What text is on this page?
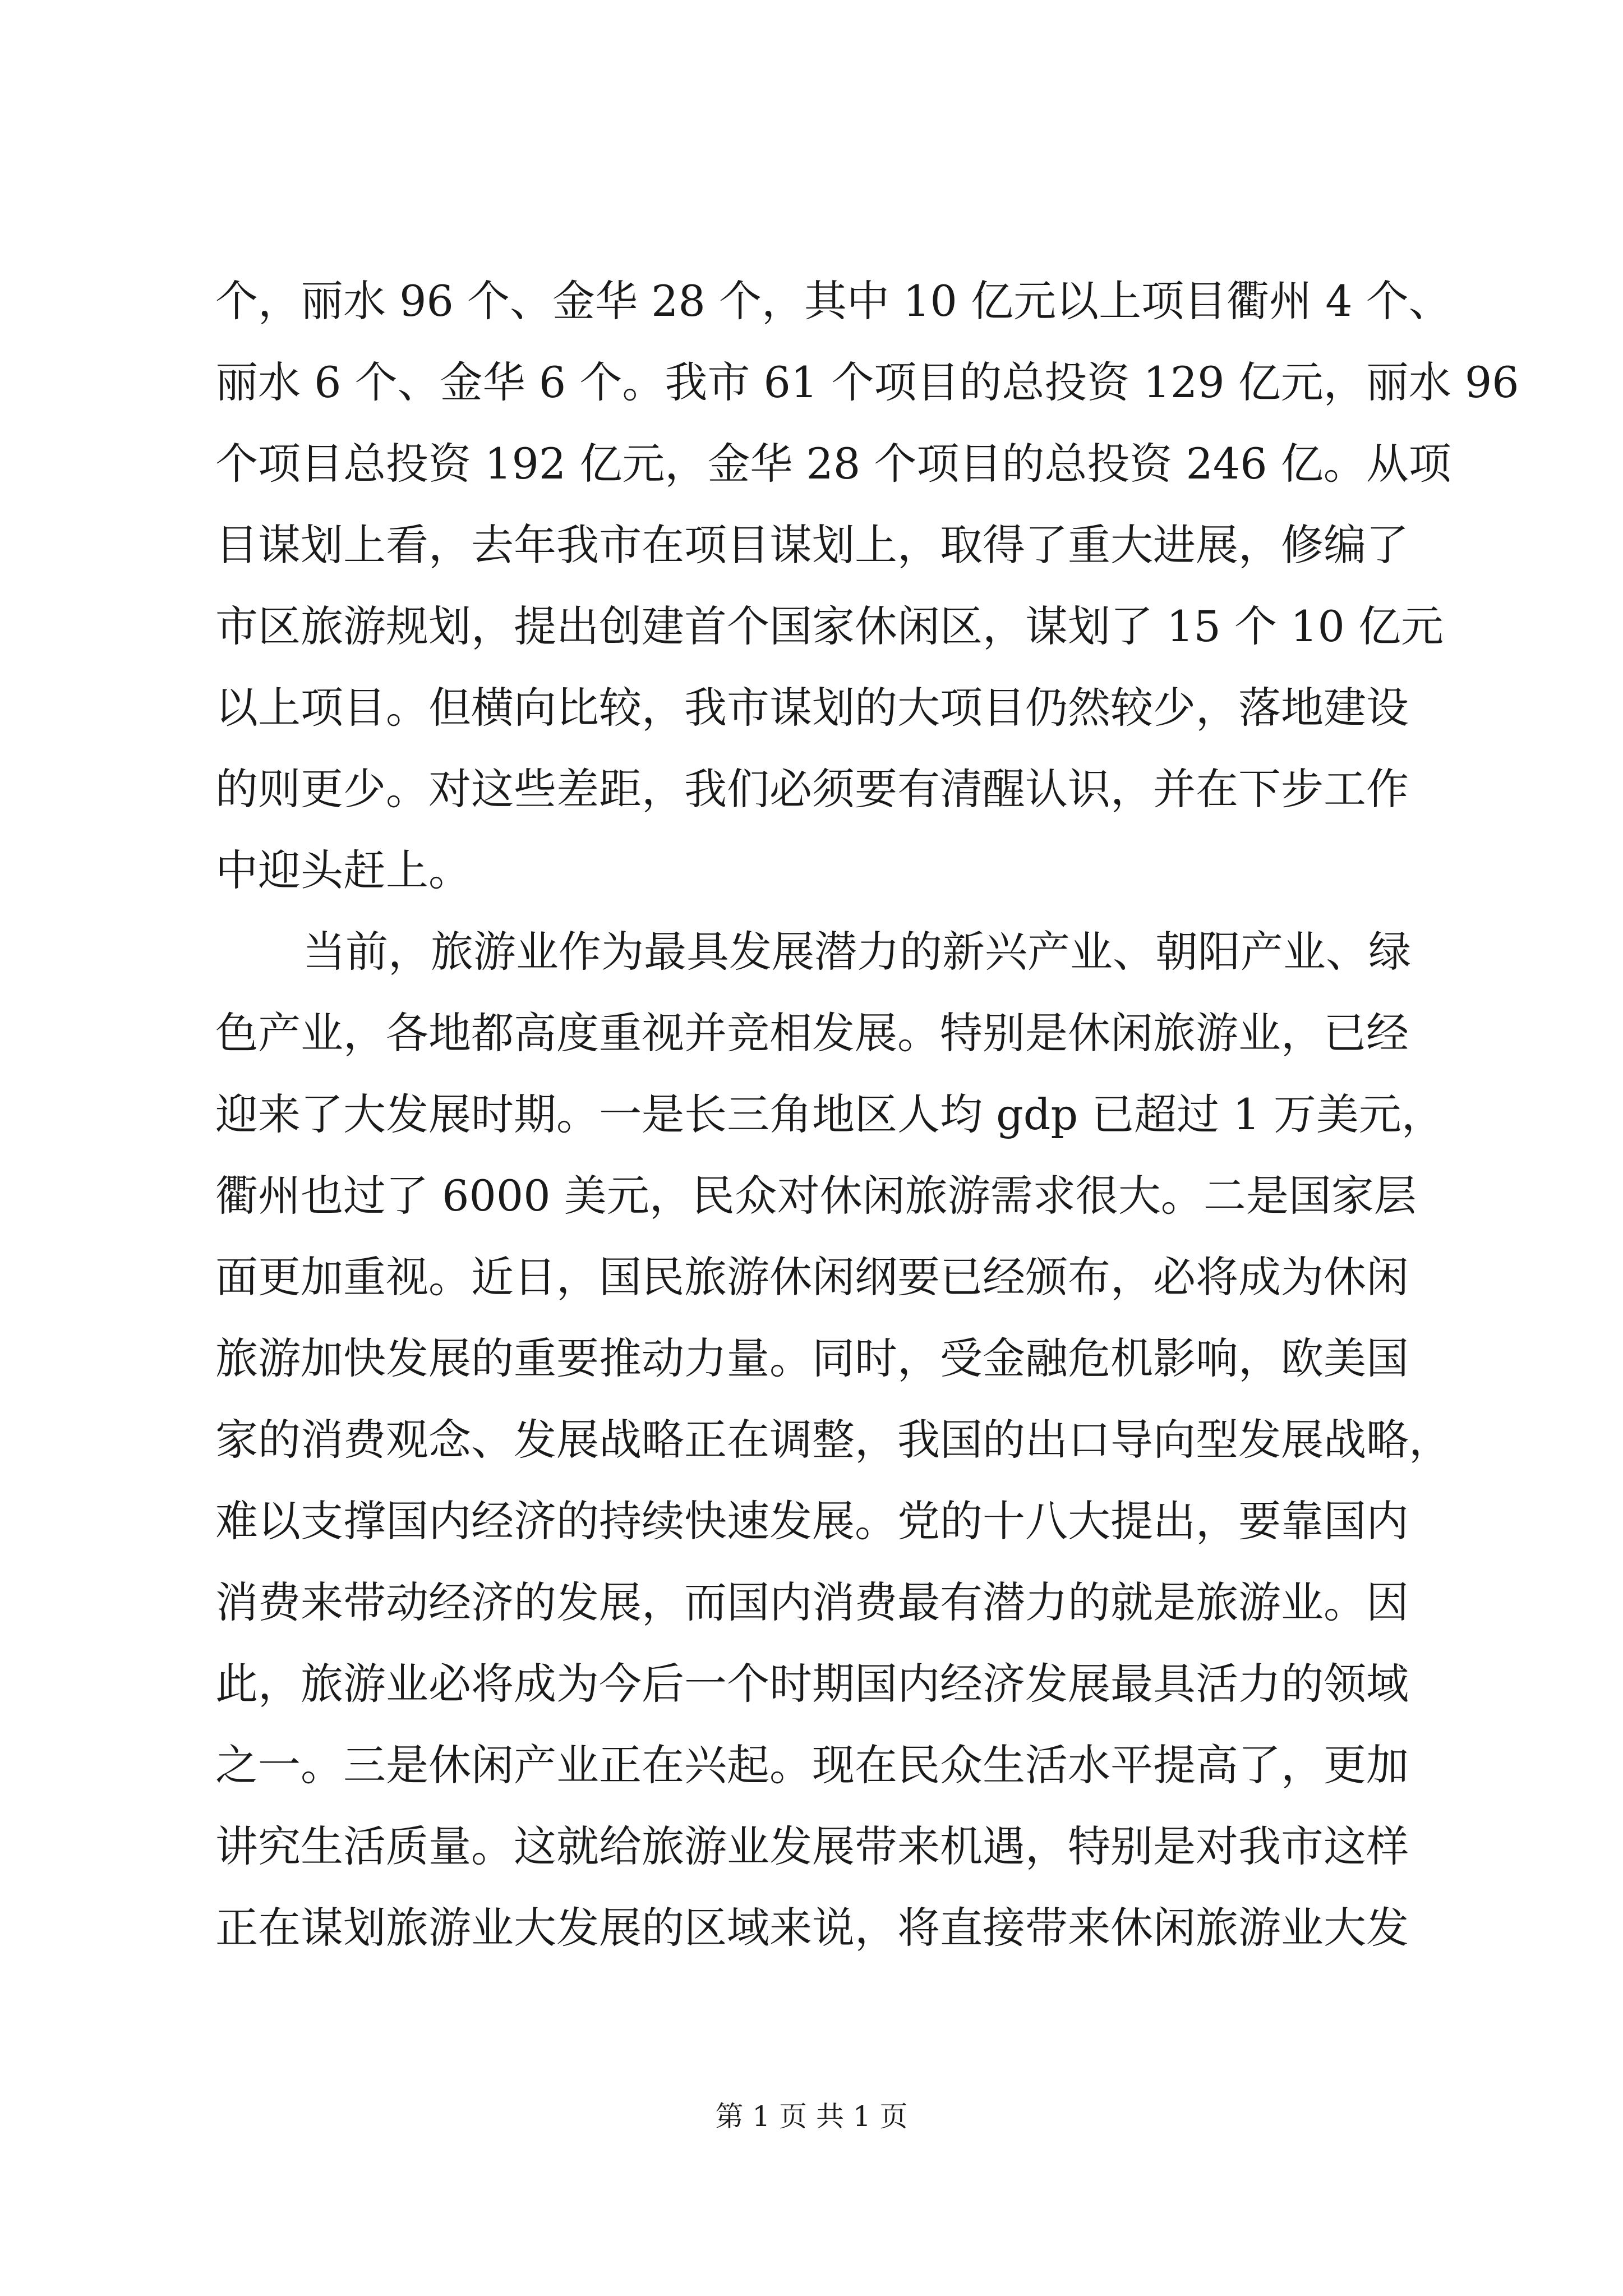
个，丽水 96 个、金华 28 个，其中 10 亿元以上项目衢州 4 个、
丽水 6 个、金华 6 个。我市 61 个项目的总投资 129 亿元，丽水 96
个项目总投资 192 亿元，金华 28 个项目的总投资 246 亿。从项
目谋划上看，去年我市在项目谋划上，取得了重大进展，修编了
市区旅游规划，提出创建首个国家休闲区，谋划了 15 个 10 亿元
以上项目。但横向比较，我市谋划的大项目仍然较少，落地建设
的则更少。对这些差距，我们必须要有清醒认识，并在下步工作
中迎头赶上。
当前，旅游业作为最具发展潜力的新兴产业、朝阳产业、绿
色产业，各地都高度重视并竞相发展。特别是休闲旅游业，已经
迎来了大发展时期。一是长三角地区人均 gdp 已超过 1 万美元，
衢州也过了 6000 美元，民众对休闲旅游需求很大。二是国家层
面更加重视。近日，国民旅游休闲纲要已经颁布，必将成为休闲
旅游加快发展的重要推动力量。同时，受金融危机影响，欧美国
家的消费观念、发展战略正在调整，我国的出口导向型发展战略，
难以支撑国内经济的持续快速发展。党的十八大提出，要靠国内
消费来带动经济的发展，而国内消费最有潜力的就是旅游业。因
此，旅游业必将成为今后一个时期国内经济发展最具活力的领域
之一。三是休闲产业正在兴起。现在民众生活水平提高了，更加
讲究生活质量。这就给旅游业发展带来机遇，特别是对我市这样
正在谋划旅游业大发展的区域来说，将直接带来休闲旅游业大发
第 1 页 共 1 页
